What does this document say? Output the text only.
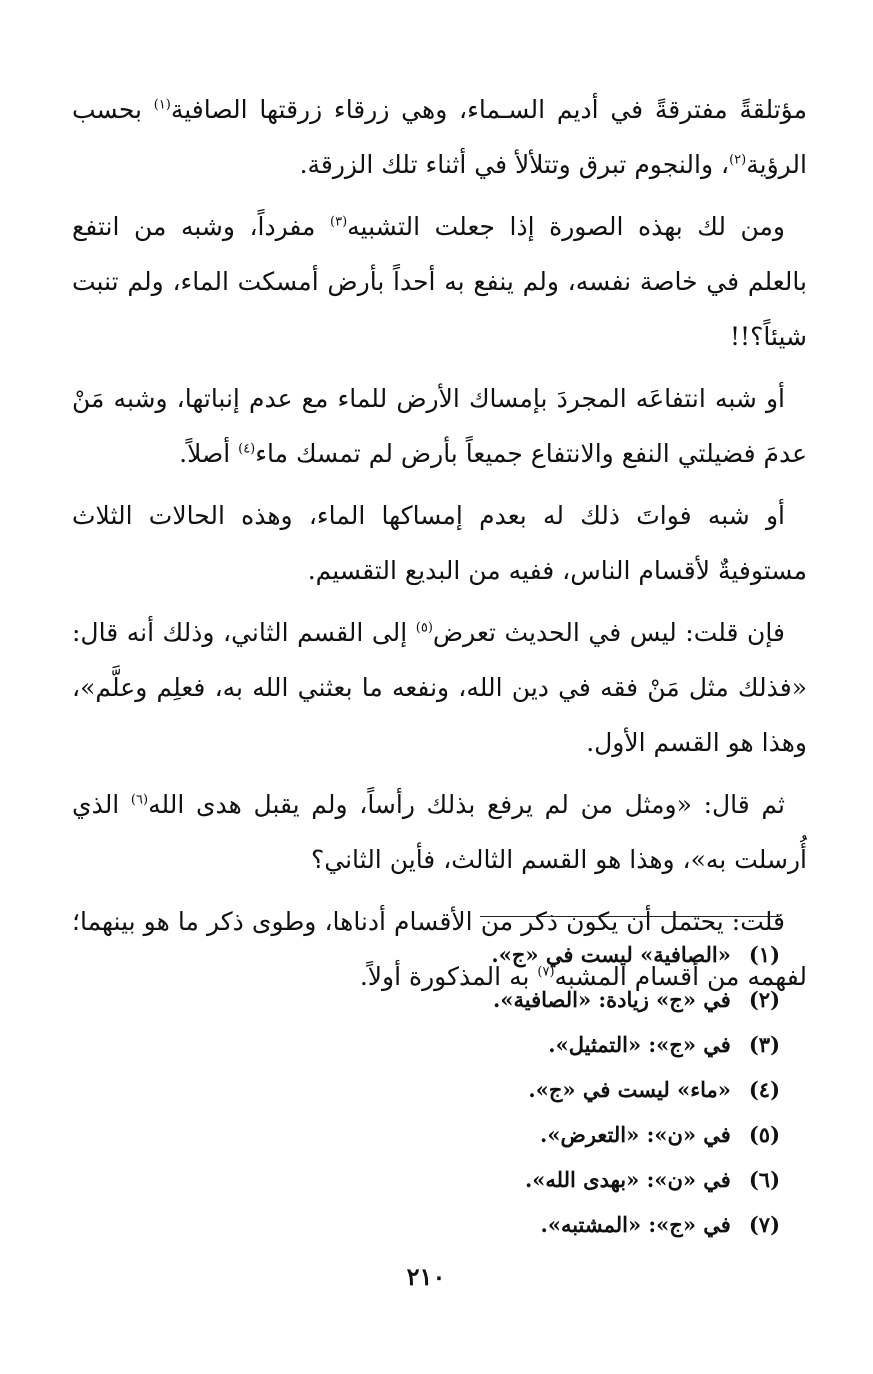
مؤتلقةً مفترقةً في أديم السـماء، وهي زرقاء زرقتها الصافية$^{(١)}$ بحسب الرؤية$^{(٢)}$، والنجوم تبرق وتتلألأ في أثناء تلك الزرقة.

ومن لك بهذه الصورة إذا جعلت التشبيه$^{(٣)}$ مفرداً، وشبه من انتفع بالعلم في خاصة نفسه، ولم ينفع به أحداً بأرض أمسكت الماء، ولم تنبت شيئاً؟!!

أو شبه انتفاعَه المجردَ بإمساك الأرض للماء مع عدم إنباتها، وشبه مَنْ عدمَ فضيلتي النفع والانتفاع جميعاً بأرض لم تمسك ماء$^{(٤)}$ أصلاً.

أو شبه فواتَ ذلك له بعدم إمساكها الماء، وهذه الحالات الثلاث مستوفيةٌ لأقسام الناس، ففيه من البديع التقسيم.

فإن قلت: ليس في الحديث تعرض$^{(٥)}$ إلى القسم الثاني، وذلك أنه قال: «فذلك مثل مَنْ فقه في دين الله، ونفعه ما بعثني الله به، فعلِم وعلَّم»، وهذا هو القسم الأول.

ثم قال: «ومثل من لم يرفع بذلك رأساً، ولم يقبل هدى الله$^{(٦)}$ الذي أُرسلت به»، وهذا هو القسم الثالث، فأين الثاني؟

قلت: يحتمل أن يكون ذكر من الأقسام أدناها، وطوى ذكر ما هو بينهما؛ لفهمه من أقسام المشبه$^{(٧)}$ به المذكورة أولاً.

(١)«الصافية» ليست في «ج».
(٢)في «ج» زيادة: «الصافية».
(٣)في «ج»: «التمثيل».
(٤)«ماء» ليست في «ج».
(٥)في «ن»: «التعرض».
(٦)في «ن»: «بهدى الله».
(٧)في «ج»: «المشتبه».
٢١٠
